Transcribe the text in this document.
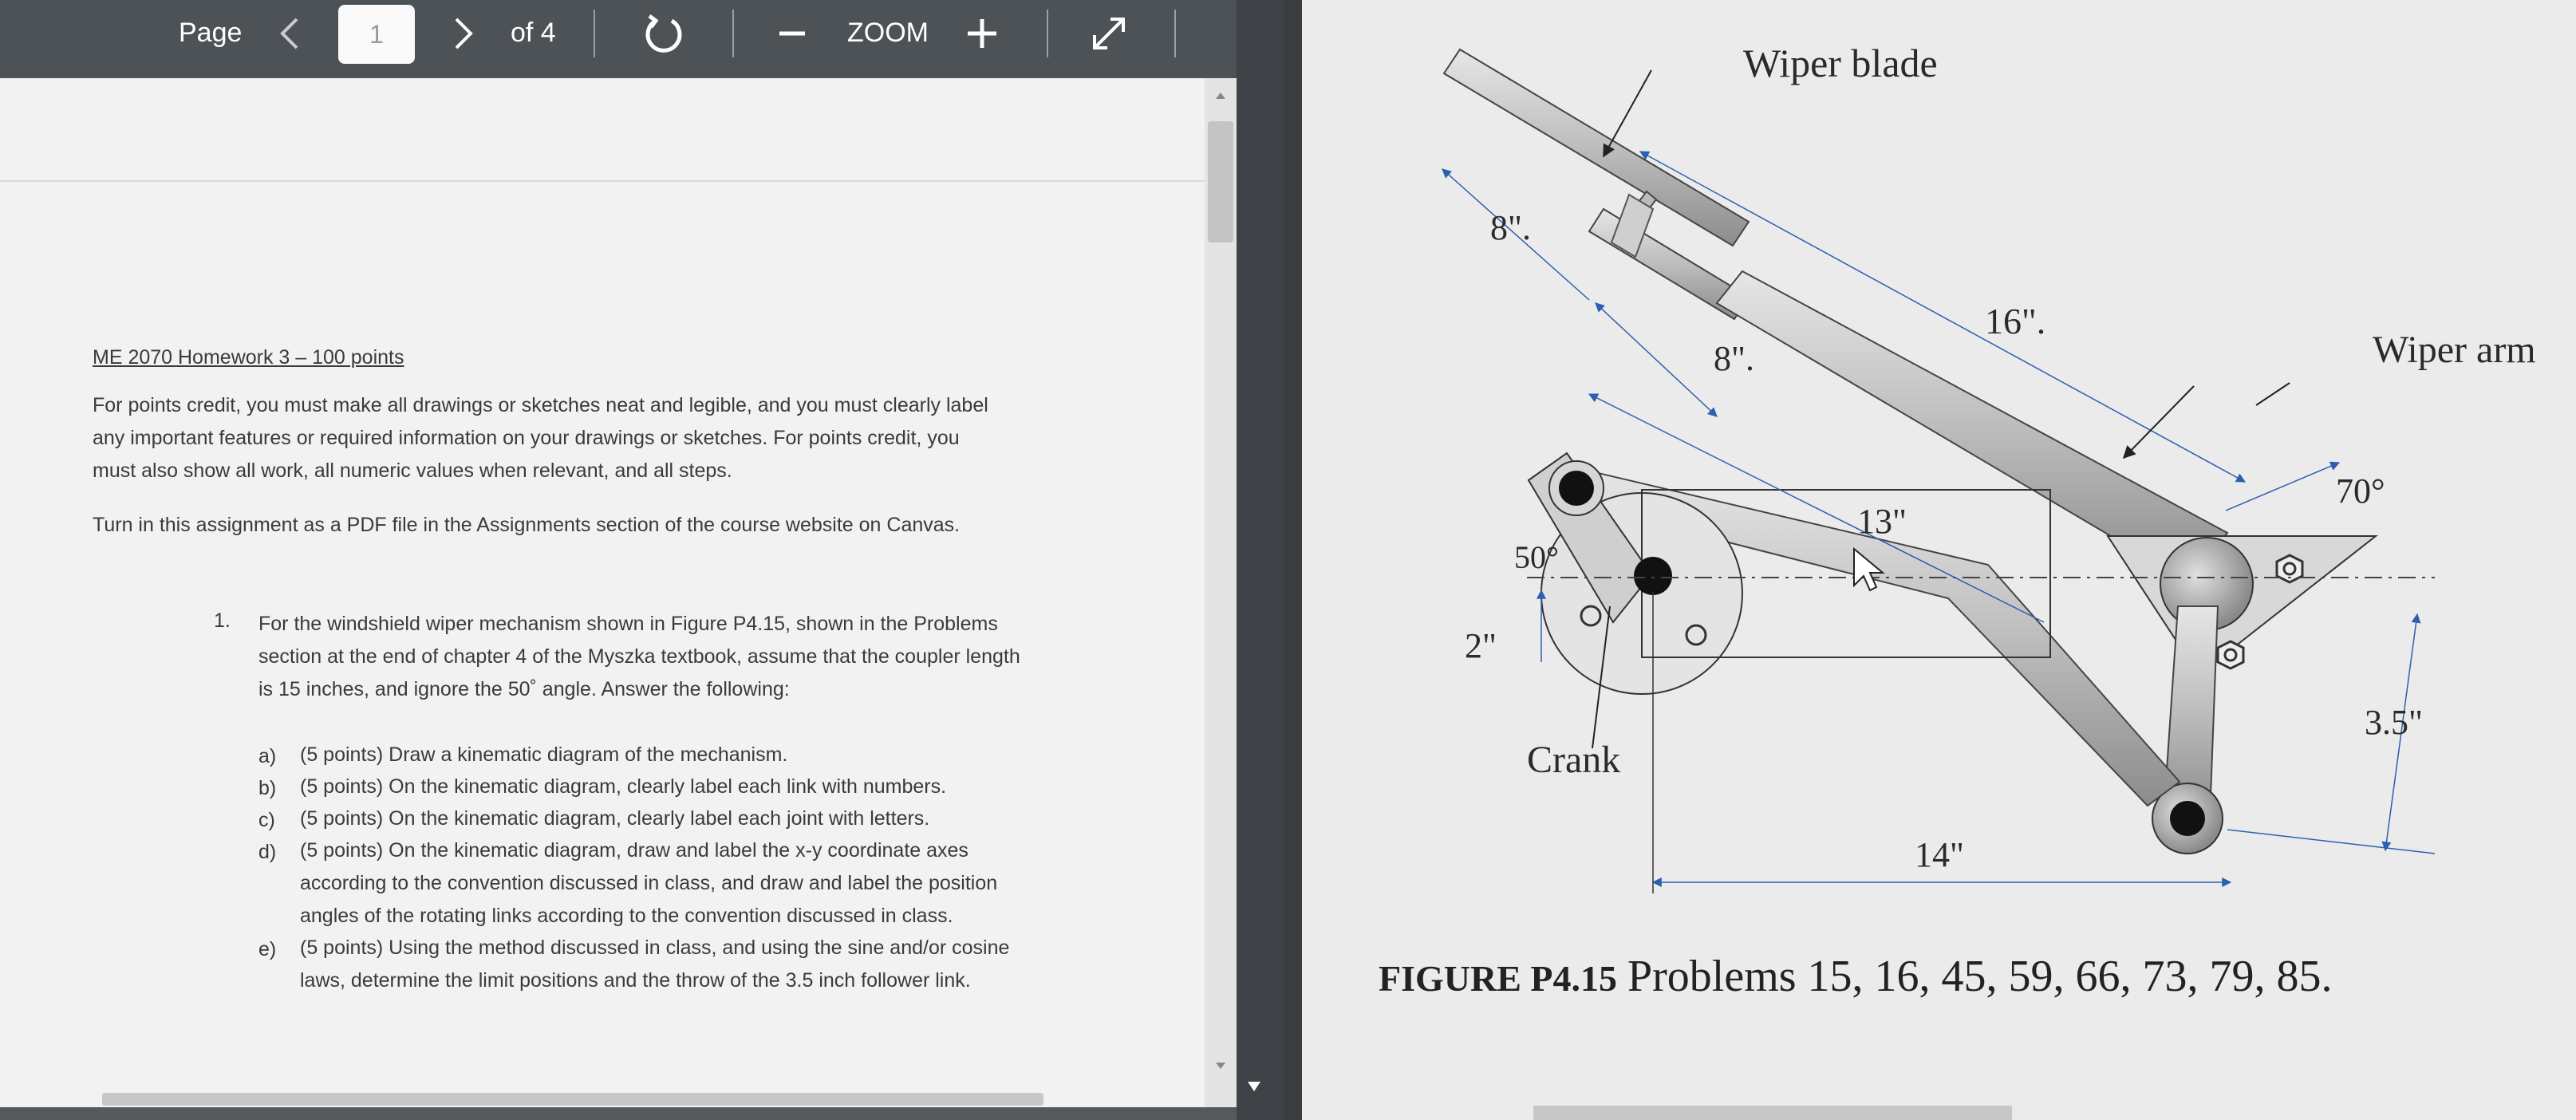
Page
1	of 4	ZOOM
ME 2070 Homework 3 – 100 points
For points credit, you must make all drawings or sketches neat and legible, and you must clearly label
any important features or required information on your drawings or sketches. For points credit, you
must also show all work, all numeric values when relevant, and all steps.
Turn in this assignment as a PDF file in the Assignments section of the course website on Canvas.
1. For the windshield wiper mechanism shown in Figure P4.15, shown in the Problems
section at the end of chapter 4 of the Myszka textbook, assume that the coupler length
is 15 inches, and ignore the 50˚ angle. Answer the following:
a) (5 points) Draw a kinematic diagram of the mechanism.
b) (5 points) On the kinematic diagram, clearly label each link with numbers.
c) (5 points) On the kinematic diagram, clearly label each joint with letters.
d) (5 points) On the kinematic diagram, draw and label the x-y coordinate axes
according to the convention discussed in class, and draw and label the position
angles of the rotating links according to the convention discussed in class.
e) (5 points) Using the method discussed in class, and using the sine and/or cosine
laws, determine the limit positions and the throw of the 3.5 inch follower link.
Wiper blade
Wiper arm
Crank
8".
8".
16".
13"
14"
2"
3.5"
50°
70°
FIGURE P4.15 Problems 15, 16, 45, 59, 66, 73, 79, 85.
